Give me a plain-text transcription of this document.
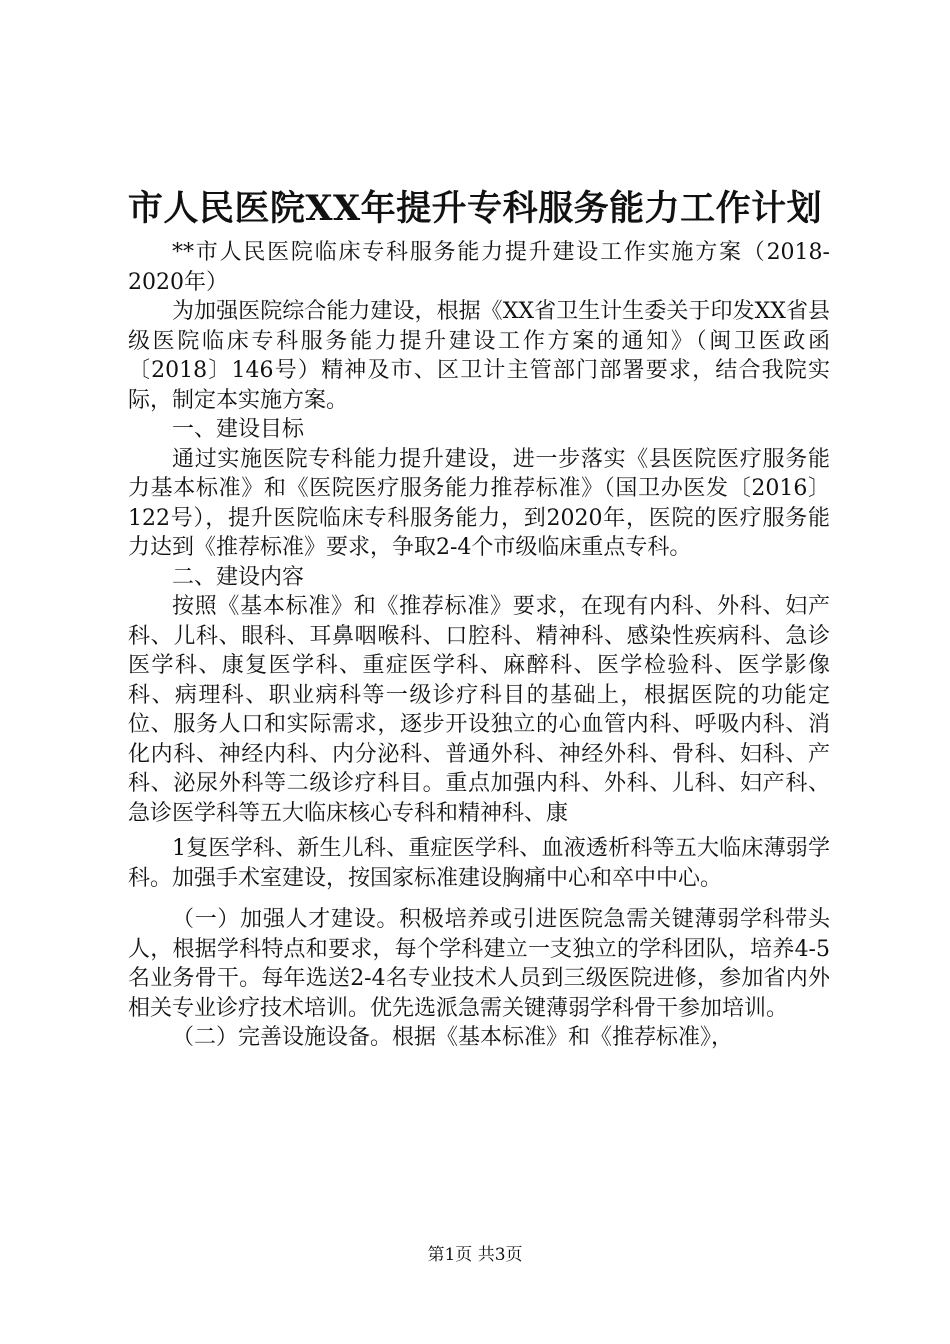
市人民医院XX年提升专科服务能力工作计划

**市人民医院临床专科服务能力提升建设工作实施方案（2018-2020年）

为加强医院综合能力建设，根据《XX省卫生计生委关于印发XX省县级医院临床专科服务能力提升建设工作方案的通知》（闽卫医政函〔2018〕146号）精神及市、区卫计主管部门部署要求，结合我院实际，制定本实施方案。

一、建设目标

通过实施医院专科能力提升建设，进一步落实《县医院医疗服务能力基本标准》和《医院医疗服务能力推荐标准》（国卫办医发〔2016〕122号），提升医院临床专科服务能力，到2020年，医院的医疗服务能力达到《推荐标准》要求，争取2-4个市级临床重点专科。

二、建设内容

按照《基本标准》和《推荐标准》要求，在现有内科、外科、妇产科、儿科、眼科、耳鼻咽喉科、口腔科、精神科、感染性疾病科、急诊医学科、康复医学科、重症医学科、麻醉科、医学检验科、医学影像科、病理科、职业病科等一级诊疗科目的基础上，根据医院的功能定位、服务人口和实际需求，逐步开设独立的心血管内科、呼吸内科、消化内科、神经内科、内分泌科、普通外科、神经外科、骨科、妇科、产科、泌尿外科等二级诊疗科目。重点加强内科、外科、儿科、妇产科、急诊医学科等五大临床核心专科和精神科、康

1复医学科、新生儿科、重症医学科、血液透析科等五大临床薄弱学科。加强手术室建设，按国家标准建设胸痛中心和卒中中心。

（一）加强人才建设。积极培养或引进医院急需关键薄弱学科带头人，根据学科特点和要求，每个学科建立一支独立的学科团队，培养4-5名业务骨干。每年选送2-4名专业技术人员到三级医院进修，参加省内外相关专业诊疗技术培训。优先选派急需关键薄弱学科骨干参加培训。

（二）完善设施设备。根据《基本标准》和《推荐标准》，

第1页 共3页
